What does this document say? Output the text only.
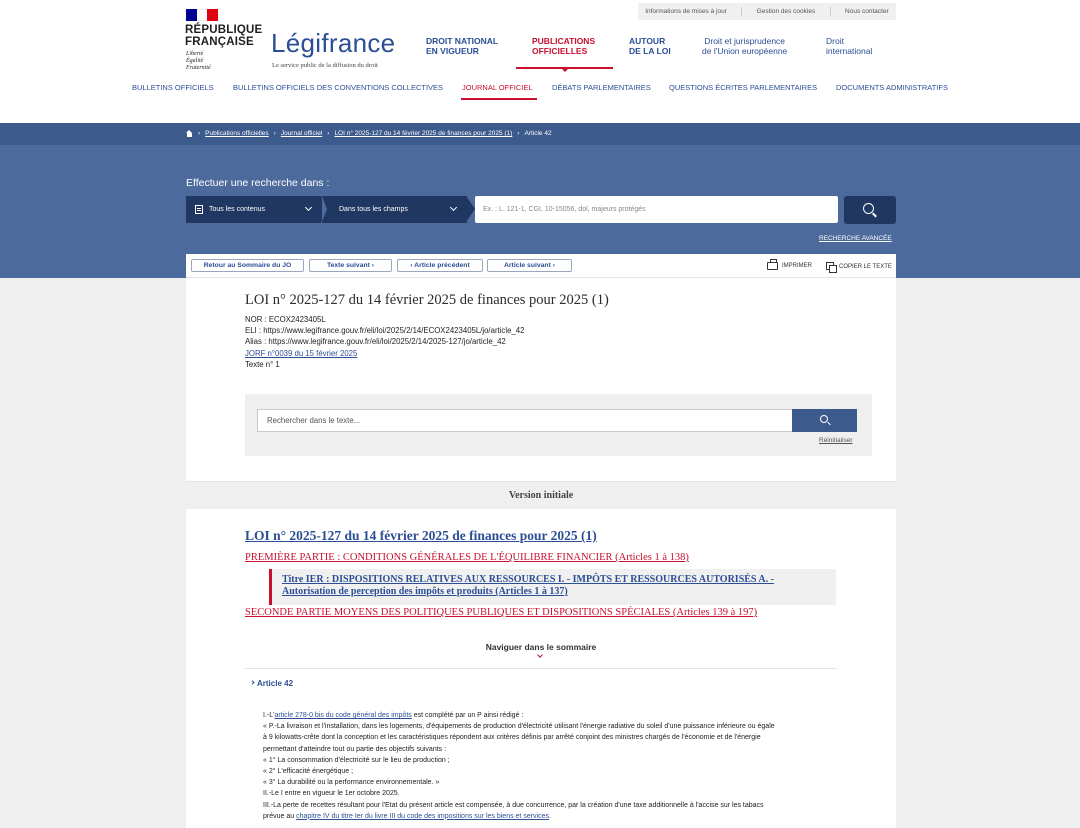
Informations de mises à jour	Gestion des cookies	Nous contacter
RÉPUBLIQUE
FRANÇAISE
Liberté
Égalité
Fraternité
Légifrance
Le service public de la diffusion du droit
DROIT NATIONAL
EN VIGUEUR
PUBLICATIONS
OFFICIELLES
AUTOUR
DE LA LOI
Droit et jurisprudence
de l'Union européenne
Droit
international
BULLETINS OFFICIELS	BULLETINS OFFICIELS DES CONVENTIONS COLLECTIVES	JOURNAL OFFICIEL	DÉBATS PARLEMENTAIRES QUESTIONS ÉCRITES PARLEMENTAIRES	DOCUMENTS ADMINISTRATIFS
› Publications officielles › Journal officiel › LOI n° 2025-127 du 14 février 2025 de finances pour 2025 (1) › Article 42
Effectuer une recherche dans :
Tous les contenus	Dans tous les champs	Ex. : L. 121-1, CGI, 10-15056, dol, majeurs protégés
RECHERCHE AVANCÉE
Retour au Sommaire du JO	Texte suivant ›	‹ Article précédent	Article suivant ›	IMPRIMER	COPIER LE TEXTE
LOI n° 2025-127 du 14 février 2025 de finances pour 2025 (1)
NOR : ECOX2423405L
ELI : https://www.legifrance.gouv.fr/eli/loi/2025/2/14/ECOX2423405L/jo/article_42
Alias : https://www.legifrance.gouv.fr/eli/loi/2025/2/14/2025-127/jo/article_42
JORF n°0039 du 15 février 2025
Texte n° 1
Rechercher dans le texte...
Réinitialiser
Version initiale
LOI n° 2025-127 du 14 février 2025 de finances pour 2025 (1)
PREMIÈRE PARTIE : CONDITIONS GÉNÉRALES DE L'ÉQUILIBRE FINANCIER (Articles 1 à 138)
Titre IER : DISPOSITIONS RELATIVES AUX RESSOURCES I. - IMPÔTS ET RESSOURCES AUTORISÉS A. - Autorisation de perception des impôts et produits (Articles 1 à 137)
SECONDE PARTIE MOYENS DES POLITIQUES PUBLIQUES ET DISPOSITIONS SPÉCIALES (Articles 139 à 197)
Naviguer dans le sommaire
Article 42

I.-L'article 278-0 bis du code général des impôts est complété par un P ainsi rédigé :

« P.-La livraison et l'installation, dans les logements, d'équipements de production d'électricité utilisant l'énergie radiative du soleil d'une puissance inférieure ou égale

à 9 kilowatts-crête dont la conception et les caractéristiques répondent aux critères définis par arrêté conjoint des ministres chargés de l'économie et de l'énergie

permettant d'atteindre tout ou partie des objectifs suivants :

« 1° La consommation d'électricité sur le lieu de production ;

« 2° L'efficacité énergétique ;

« 3° La durabilité ou la performance environnementale. »

II.-Le I entre en vigueur le 1er octobre 2025.

III.-La perte de recettes résultant pour l'Etat du présent article est compensée, à due concurrence, par la création d'une taxe additionnelle à l'accise sur les tabacs

prévue au chapitre IV du titre Ier du livre III du code des impositions sur les biens et services.
